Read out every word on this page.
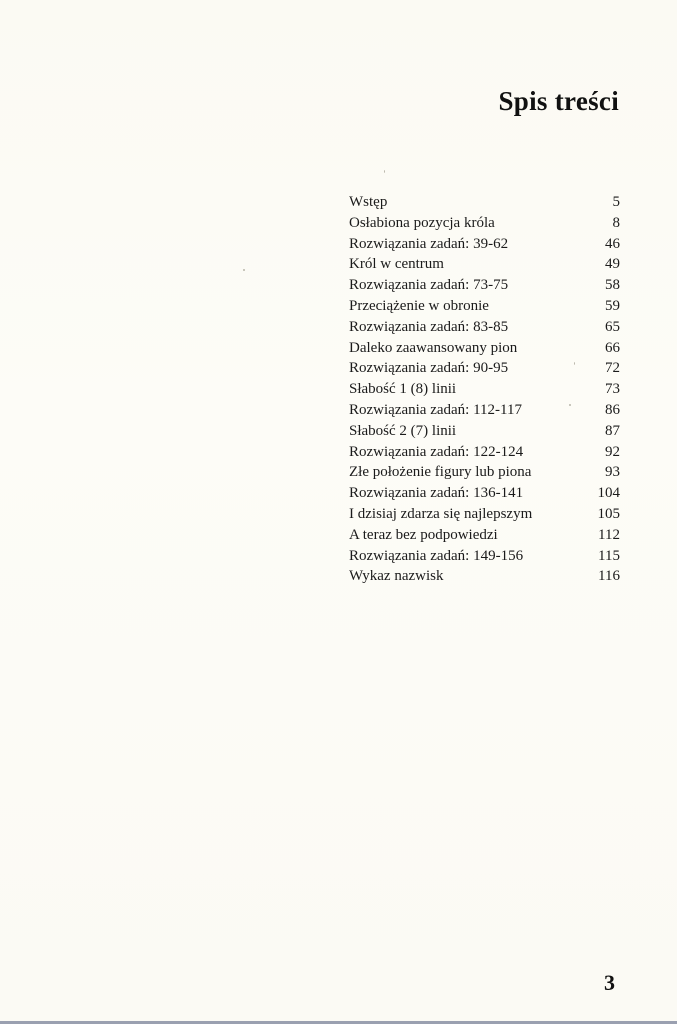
Spis treści
Wstęp	5
Osłabiona pozycja króla	8
Rozwiązania zadań: 39-62	46
Król w centrum	49
Rozwiązania zadań: 73-75	58
Przeciążenie w obronie	59
Rozwiązania zadań: 83-85	65
Daleko zaawansowany pion	66
Rozwiązania zadań: 90-95	72
Słabość 1 (8) linii	73
Rozwiązania zadań: 112-117	86
Słabość 2 (7) linii	87
Rozwiązania zadań: 122-124	92
Złe położenie figury lub piona	93
Rozwiązania zadań: 136-141	104
I dzisiaj zdarza się najlepszym	105
A teraz bez podpowiedzi	112
Rozwiązania zadań: 149-156	115
Wykaz nazwisk	116
3
